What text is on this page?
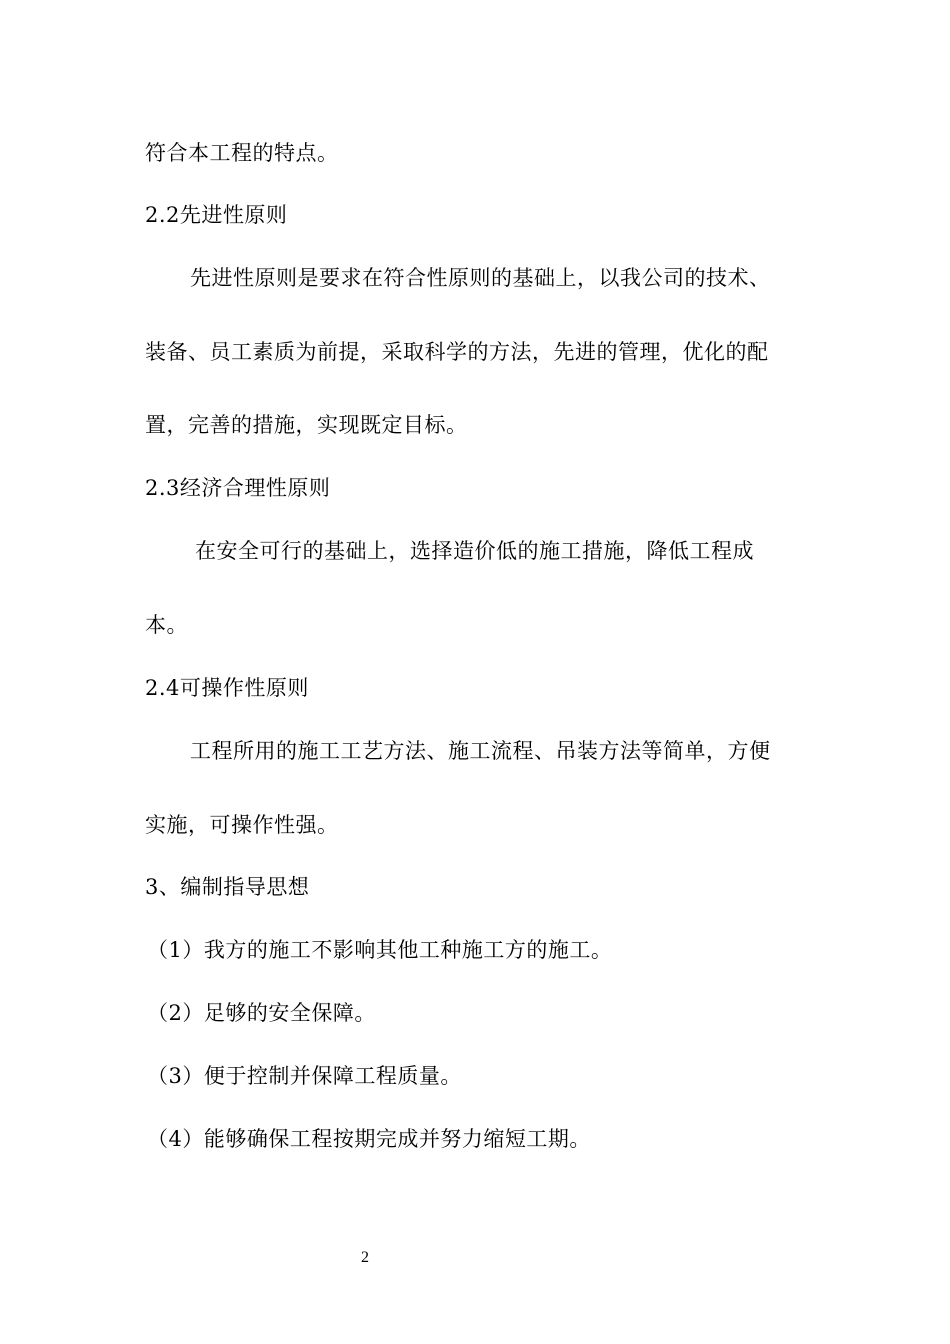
符合本工程的特点。
2.2先进性原则
先进性原则是要求在符合性原则的基础上，以我公司的技术、
装备、员工素质为前提，采取科学的方法，先进的管理，优化的配
置，完善的措施，实现既定目标。
2.3经济合理性原则
在安全可行的基础上，选择造价低的施工措施，降低工程成
本。
2.4可操作性原则
工程所用的施工工艺方法、施工流程、吊装方法等简单，方便
实施，可操作性强。
3、编制指导思想
（1）我方的施工不影响其他工种施工方的施工。
（2）足够的安全保障。
（3）便于控制并保障工程质量。
（4）能够确保工程按期完成并努力缩短工期。
2
